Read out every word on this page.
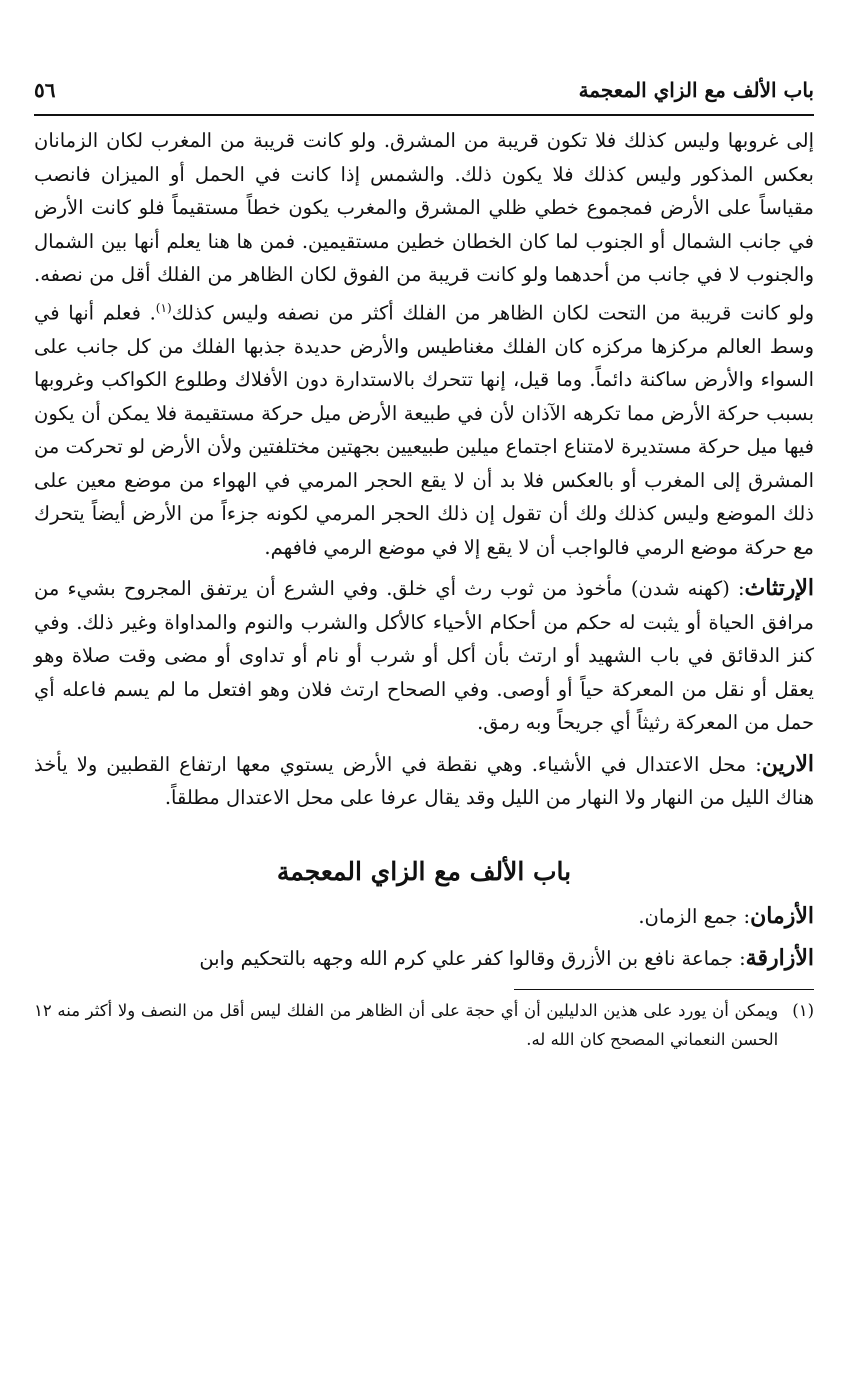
باب الألف مع الزاي المعجمة
٥٦

إلى غروبها وليس كذلك فلا تكون قريبة من المشرق. ولو كانت قريبة من المغرب لكان الزمانان بعكس المذكور وليس كذلك فلا يكون ذلك. والشمس إذا كانت في الحمل أو الميزان فانصب مقياساً على الأرض فمجموع خطي ظلي المشرق والمغرب يكون خطاً مستقيماً فلو كانت الأرض في جانب الشمال أو الجنوب لما كان الخطان خطين مستقيمين. فمن ها هنا يعلم أنها بين الشمال والجنوب لا في جانب من أحدهما ولو كانت قريبة من الفوق لكان الظاهر من الفلك أقل من نصفه. ولو كانت قريبة من التحت لكان الظاهر من الفلك أكثر من نصفه وليس كذلك$^{(١)}$. فعلم أنها في وسط العالم مركزها مركزه كان الفلك مغناطيس والأرض حديدة جذبها الفلك من كل جانب على السواء والأرض ساكنة دائماً. وما قيل، إنها تتحرك بالاستدارة دون الأفلاك وطلوع الكواكب وغروبها بسبب حركة الأرض مما تكرهه الآذان لأن في طبيعة الأرض ميل حركة مستقيمة فلا يمكن أن يكون فيها ميل حركة مستديرة لامتناع اجتماع ميلين طبيعيين بجهتين مختلفتين ولأن الأرض لو تحركت من المشرق إلى المغرب أو بالعكس فلا بد أن لا يقع الحجر المرمي في الهواء من موضع معين على ذلك الموضع وليس كذلك ولك أن تقول إن ذلك الحجر المرمي لكونه جزءاً من الأرض أيضاً يتحرك مع حركة موضع الرمي فالواجب أن لا يقع إلا في موضع الرمي فافهم.

الإرتثاث: (كهنه شدن) مأخوذ من ثوب رث أي خلق. وفي الشرع أن يرتفق المجروح بشيء من مرافق الحياة أو يثبت له حكم من أحكام الأحياء كالأكل والشرب والنوم والمداواة وغير ذلك. وفي كنز الدقائق في باب الشهيد أو ارتث بأن أكل أو شرب أو نام أو تداوى أو مضى وقت صلاة وهو يعقل أو نقل من المعركة حياً أو أوصى. وفي الصحاح ارتث فلان وهو افتعل ما لم يسم فاعله أي حمل من المعركة رثيثاً أي جريحاً وبه رمق.

الارين: محل الاعتدال في الأشياء. وهي نقطة في الأرض يستوي معها ارتفاع القطبين ولا يأخذ هناك الليل من النهار ولا النهار من الليل وقد يقال عرفا على محل الاعتدال مطلقاً.

باب الألف مع الزاي المعجمة

الأزمان: جمع الزمان.

الأزارقة: جماعة نافع بن الأزرق وقالوا كفر علي كرم الله وجهه بالتحكيم وابن

(١)
ويمكن أن يورد على هذين الدليلين أن أي حجة على أن الظاهر من الفلك ليس أقل من النصف ولا أكثر منه ١٢ الحسن النعماني المصحح كان الله له.
